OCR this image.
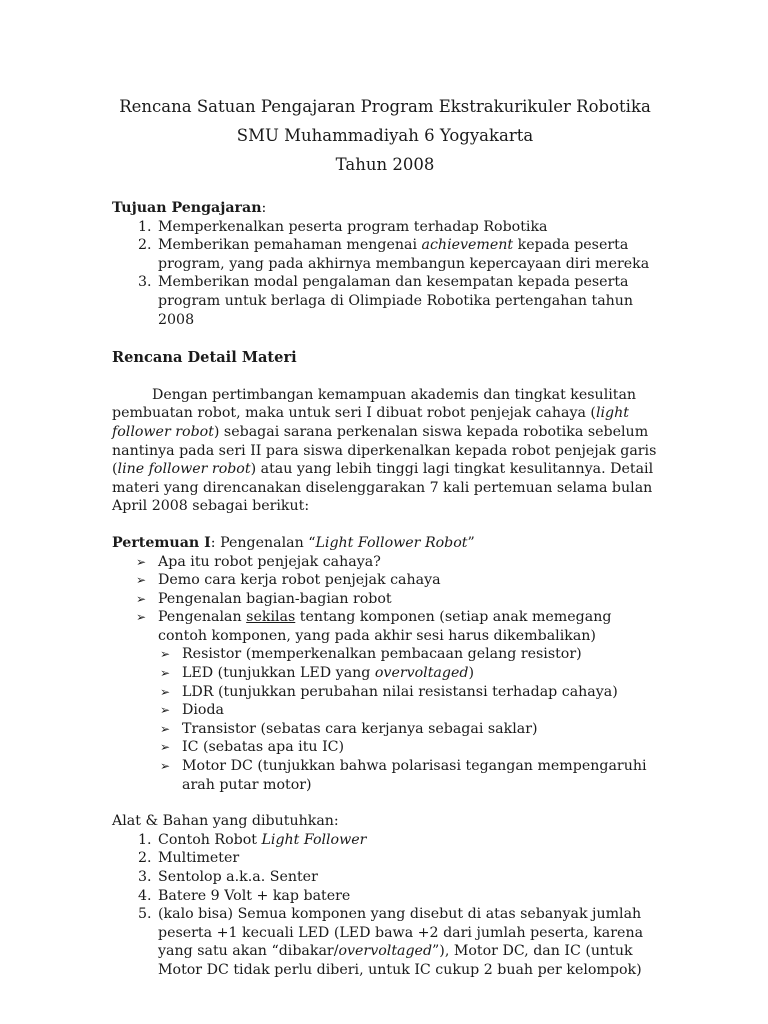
Rencana Satuan Pengajaran Program Ekstrakurikuler Robotika
SMU Muhammadiyah 6 Yogyakarta
Tahun 2008
Tujuan Pengajaran:
1. Memperkenalkan peserta program terhadap Robotika
2. Memberikan pemahaman mengenai achievement kepada peserta program, yang pada akhirnya membangun kepercayaan diri mereka
3. Memberikan modal pengalaman dan kesempatan kepada peserta program untuk berlaga di Olimpiade Robotika pertengahan tahun 2008
Rencana Detail Materi

Dengan pertimbangan kemampuan akademis dan tingkat kesulitan pembuatan robot, maka untuk seri I dibuat robot penjejak cahaya (light follower robot) sebagai sarana perkenalan siswa kepada robotika sebelum nantinya pada seri II para siswa diperkenalkan kepada robot penjejak garis (line follower robot) atau yang lebih tinggi lagi tingkat kesulitannya. Detail materi yang direncanakan diselenggarakan 7 kali pertemuan selama bulan April 2008 sebagai berikut:

Pertemuan I: Pengenalan “Light Follower Robot”
➢ Apa itu robot penjejak cahaya?
➢ Demo cara kerja robot penjejak cahaya
➢ Pengenalan bagian-bagian robot
➢ Pengenalan sekilas tentang komponen (setiap anak memegang contoh komponen, yang pada akhir sesi harus dikembalikan)
➢ Resistor (memperkenalkan pembacaan gelang resistor)
➢ LED (tunjukkan LED yang overvoltaged)
➢ LDR (tunjukkan perubahan nilai resistansi terhadap cahaya)
➢ Dioda
➢ Transistor (sebatas cara kerjanya sebagai saklar)
➢ IC (sebatas apa itu IC)
➢ Motor DC (tunjukkan bahwa polarisasi tegangan mempengaruhi arah putar motor)
Alat & Bahan yang dibutuhkan:
1. Contoh Robot Light Follower
2. Multimeter
3. Sentolop a.k.a. Senter
4. Batere 9 Volt + kap batere
5. (kalo bisa) Semua komponen yang disebut di atas sebanyak jumlah peserta +1 kecuali LED (LED bawa +2 dari jumlah peserta, karena yang satu akan “dibakar/overvoltaged”), Motor DC, dan IC (untuk Motor DC tidak perlu diberi, untuk IC cukup 2 buah per kelompok)
